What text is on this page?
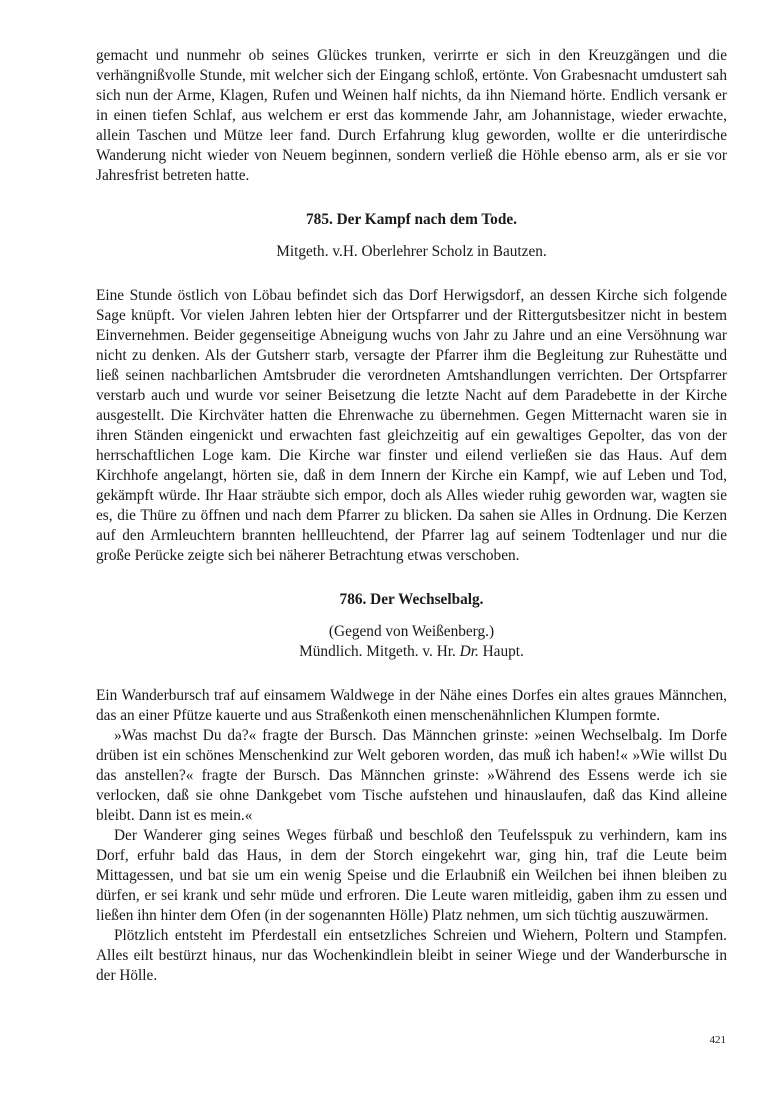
gemacht und nunmehr ob seines Glückes trunken, verirrte er sich in den Kreuzgängen und die verhängnißvolle Stunde, mit welcher sich der Eingang schloß, ertönte. Von Grabesnacht umdustert sah sich nun der Arme, Klagen, Rufen und Weinen half nichts, da ihn Niemand hörte. Endlich versank er in einen tiefen Schlaf, aus welchem er erst das kommende Jahr, am Johannistage, wieder erwachte, allein Taschen und Mütze leer fand. Durch Erfahrung klug geworden, wollte er die unterirdische Wanderung nicht wieder von Neuem beginnen, sondern verließ die Höhle ebenso arm, als er sie vor Jahresfrist betreten hatte.

785. Der Kampf nach dem Tode.

Mitgeth. v.H. Oberlehrer Scholz in Bautzen.

Eine Stunde östlich von Löbau befindet sich das Dorf Herwigsdorf, an dessen Kirche sich folgende Sage knüpft. Vor vielen Jahren lebten hier der Ortspfarrer und der Rittergutsbesitzer nicht in bestem Einvernehmen. Beider gegenseitige Abneigung wuchs von Jahr zu Jahre und an eine Versöhnung war nicht zu denken. Als der Gutsherr starb, versagte der Pfarrer ihm die Begleitung zur Ruhestätte und ließ seinen nachbarlichen Amtsbruder die verordneten Amtshandlungen verrichten. Der Ortspfarrer verstarb auch und wurde vor seiner Beisetzung die letzte Nacht auf dem Paradebette in der Kirche ausgestellt. Die Kirchväter hatten die Ehrenwache zu übernehmen. Gegen Mitternacht waren sie in ihren Ständen eingenickt und erwachten fast gleichzeitig auf ein gewaltiges Gepolter, das von der herrschaftlichen Loge kam. Die Kirche war finster und eilend verließen sie das Haus. Auf dem Kirchhofe angelangt, hörten sie, daß in dem Innern der Kirche ein Kampf, wie auf Leben und Tod, gekämpft würde. Ihr Haar sträubte sich empor, doch als Alles wieder ruhig geworden war, wagten sie es, die Thüre zu öffnen und nach dem Pfarrer zu blicken. Da sahen sie Alles in Ordnung. Die Kerzen auf den Armleuchtern brannten hellleuchtend, der Pfarrer lag auf seinem Todtenlager und nur die große Perücke zeigte sich bei näherer Betrachtung etwas verschoben.

786. Der Wechselbalg.

(Gegend von Weißenberg.)

Mündlich. Mitgeth. v. Hr. Dr. Haupt.

Ein Wanderbursch traf auf einsamem Waldwege in der Nähe eines Dorfes ein altes graues Männchen, das an einer Pfütze kauerte und aus Straßenkoth einen menschenähnlichen Klumpen formte.

»Was machst Du da?« fragte der Bursch. Das Männchen grinste: »einen Wechselbalg. Im Dorfe drüben ist ein schönes Menschenkind zur Welt geboren worden, das muß ich haben!« »Wie willst Du das anstellen?« fragte der Bursch. Das Männchen grinste: »Während des Essens werde ich sie verlocken, daß sie ohne Dankgebet vom Tische aufstehen und hinauslaufen, daß das Kind alleine bleibt. Dann ist es mein.«

Der Wanderer ging seines Weges fürbaß und beschloß den Teufelsspuk zu verhindern, kam ins Dorf, erfuhr bald das Haus, in dem der Storch eingekehrt war, ging hin, traf die Leute beim Mittagessen, und bat sie um ein wenig Speise und die Erlaubniß ein Weilchen bei ihnen bleiben zu dürfen, er sei krank und sehr müde und erfroren. Die Leute waren mitleidig, gaben ihm zu essen und ließen ihn hinter dem Ofen (in der sogenannten Hölle) Platz nehmen, um sich tüchtig auszuwärmen.

Plötzlich entsteht im Pferdestall ein entsetzliches Schreien und Wiehern, Poltern und Stampfen. Alles eilt bestürzt hinaus, nur das Wochenkindlein bleibt in seiner Wiege und der Wanderbursche in der Hölle.

421
